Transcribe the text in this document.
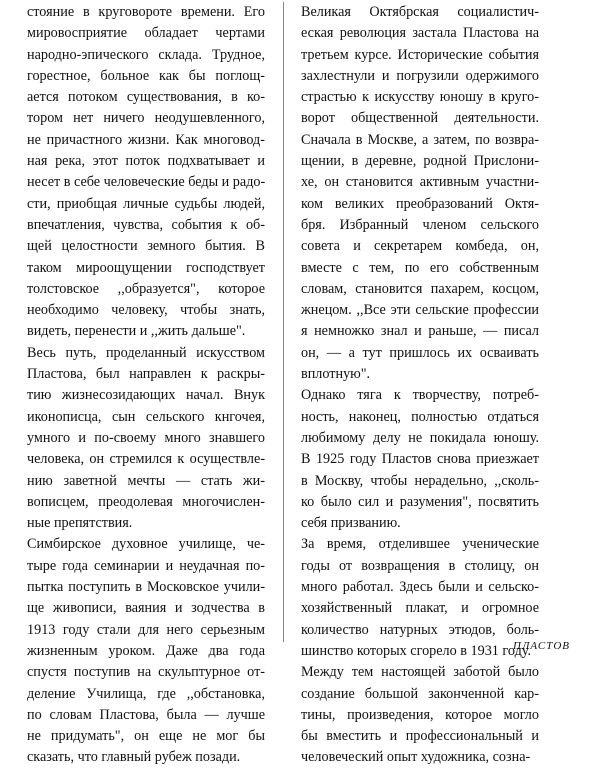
стояние в круговороте времени. Его
мировосприятие обладает чертами
народно-эпического склада. Трудное,
горестное, больное как бы поглощ-
ается потоком существования, в ко-
тором нет ничего неодушевленного,
не причастного жизни. Как многовод-
ная река, этот поток подхватывает и
несет в себе человеческие беды и радо-
сти, приобщая личные судьбы людей,
впечатления, чувства, события к об-
щей целостности земного бытия. В
таком мироощущении господствует
толстовское ,,образуется", которое
необходимо человеку, чтобы знать,
видеть, перенести и ,,жить дальше".

Весь путь, проделанный искусством
Пластова, был направлен к раскры-
тию жизнесозидающих начал. Внук
иконописца, сын сельского кнгочея,
умного и по-своему много знавшего
человека, он стремился к осуществле-
нию заветной мечты — стать жи-
вописцем, преодолевая многочислен-
ные препятствия.

Симбирское духовное училище, че-
тыре года семинарии и неудачная по-
пытка поступить в Московское учили-
ще живописи, ваяния и зодчества в
1913 году стали для него серьезным
жизненным уроком. Даже два года
спустя поступив на скульптурное от-
деление Училища, где ,,обстановка,
по словам Пластова, была — лучше
не придумать", он еще не мог бы
сказать, что главный рубеж позади.

Великая Октябрская социалистич-
еская революция застала Пластова на
третьем курсе. Исторические события
захлестнули и погрузили одержимого
страстью к искусству юношу в круго-
ворот общественной деятельности.
Сначала в Москве, а затем, по возвра-
щении, в деревне, родной Прислони-
хе, он становится активным участни-
ком великих преобразований Октя-
бря. Избранный членом сельского
совета и секретарем комбеда, он,
вместе с тем, по его собственным
словам, становится пахарем, косцом,
жнецом. ,,Все эти сельские профессии
я немножко знал и раньше, — писал
он, — а тут пришлось их осваивать
вплотную".

Однако тяга к творчеству, потреб-
ность, наконец, полностью отдаться
любимому делу не покидала юношу.
В 1925 году Пластов снова приезжает
в Москву, чтобы нерадельно, ,,сколь-
ко было сил и разумения", посвятить
себя призванию.

За время, отделившее ученические
годы от возвращения в столицу, он
много работал. Здесь были и сельско-
хозяйственный плакат, и огромное
количество натурных этюдов, боль-
шинство которых сгорело в 1931 году.

Между тем настоящей заботой было
создание большой законченной кар-
тины, произведения, которое могло
бы вместить и профессиональный и
человеческий опыт художника, созна-

ПЛАСТОВ
